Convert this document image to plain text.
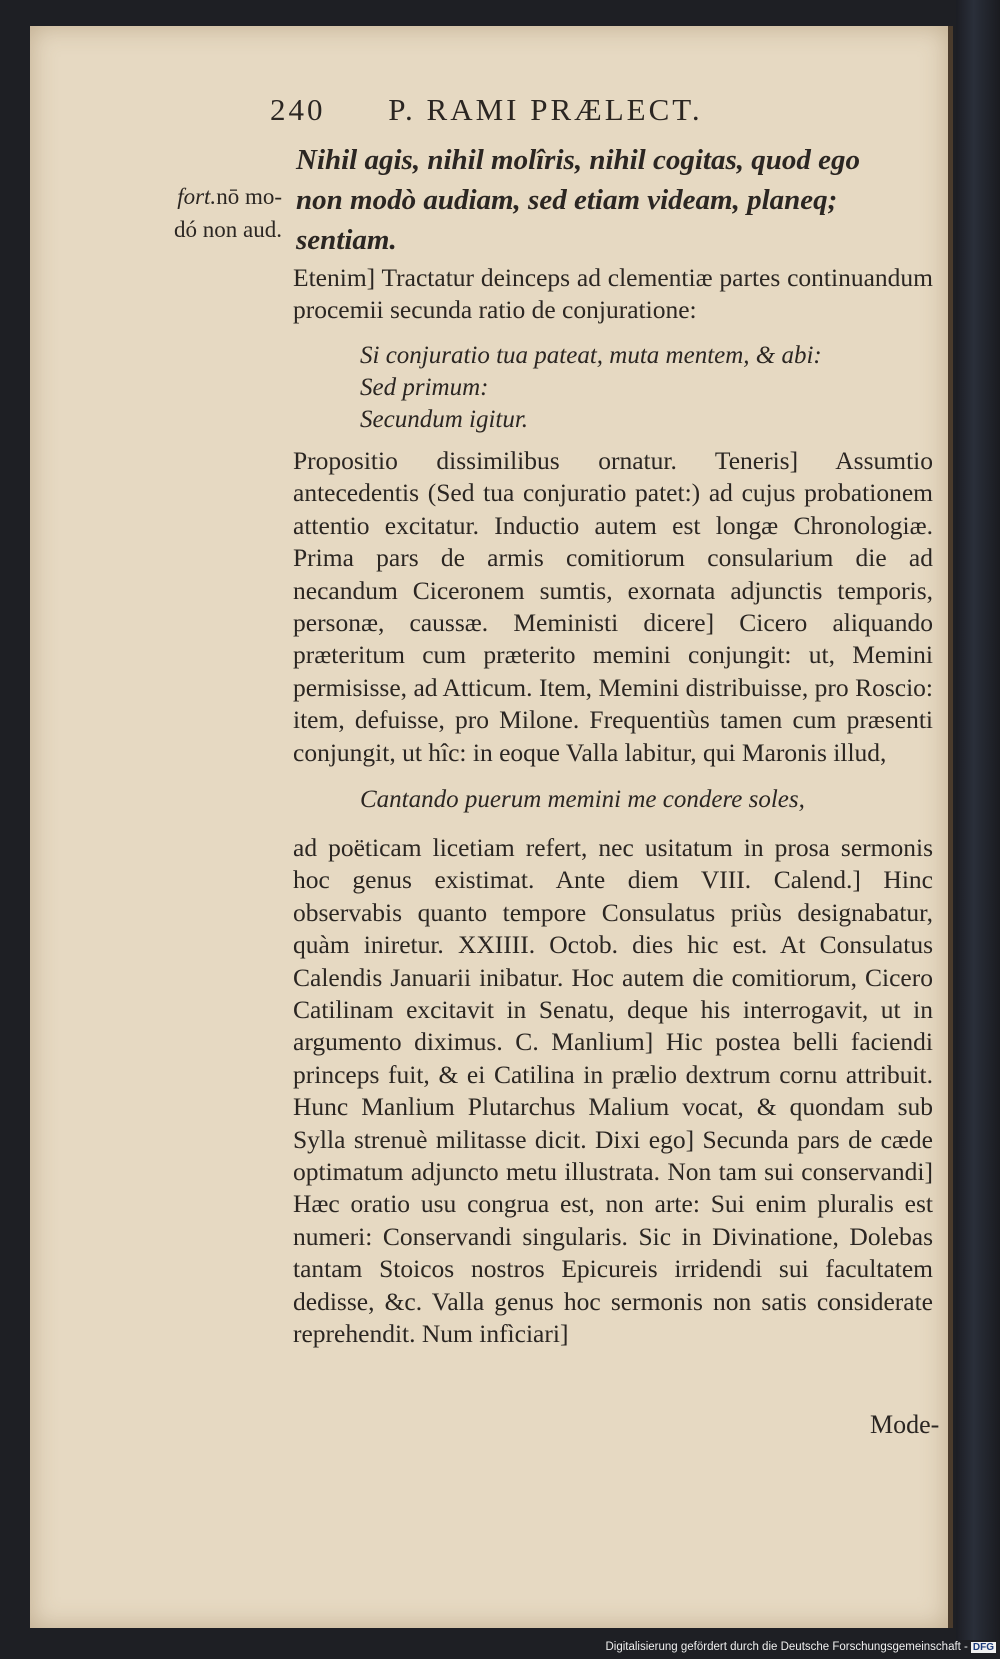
240 P. RAMI PRÆLECT.
fort.nō mo-
dó non aud.
Nihil agis, nihil molîris, nihil cogitas, quod ego
non modò audiam, sed etiam videam, planeq;
sentiam.

Etenim] Tractatur deinceps ad clementiæ partes continuandum procemii secunda ratio de conjuratione:

Si conjuratio tua pateat, muta mentem, & abi:
Sed primum:
Secundum igitur.

Propositio dissimilibus ornatur. Teneris] Assumtio antecedentis (Sed tua conjuratio patet:) ad cujus probationem attentio excitatur. Inductio autem est longæ Chronologiæ. Prima pars de armis comitiorum consularium die ad necandum Ciceronem sumtis, exornata adjunctis temporis, personæ, caussæ. Meministi dicere] Cicero aliquando præteritum cum præterito memini conjungit: ut, Memini permisisse, ad Atticum. Item, Memini distribuisse, pro Roscio: item, defuisse, pro Milone. Frequentiùs tamen cum præsenti conjungit, ut hîc: in eoque Valla labitur, qui Maronis illud,

Cantando puerum memini me condere soles,

ad poëticam licetiam refert, nec usitatum in prosa sermonis hoc genus existimat. Ante diem VIII. Calend.] Hinc observabis quanto tempore Consulatus priùs designabatur, quàm iniretur. XXIIII. Octob. dies hic est. At Consulatus Calendis Januarii inibatur. Hoc autem die comitiorum, Cicero Catilinam excitavit in Senatu, deque his interrogavit, ut in argumento diximus. C. Manlium] Hic postea belli faciendi princeps fuit, & ei Catilina in prælio dextrum cornu attribuit. Hunc Manlium Plutarchus Malium vocat, & quondam sub Sylla strenuè militasse dicit. Dixi ego] Secunda pars de cæde optimatum adjuncto metu illustrata. Non tam sui conservandi] Hæc oratio usu congrua est, non arte: Sui enim pluralis est numeri: Conservandi singularis. Sic in Divinatione, Dolebas tantam Stoicos nostros Epicureis irridendi sui facultatem dedisse, &c. Valla genus hoc sermonis non satis considerate reprehendit. Num infìciari]

Mode-
Digitalisierung gefördert durch die Deutsche Forschungsgemeinschaft - DFG
